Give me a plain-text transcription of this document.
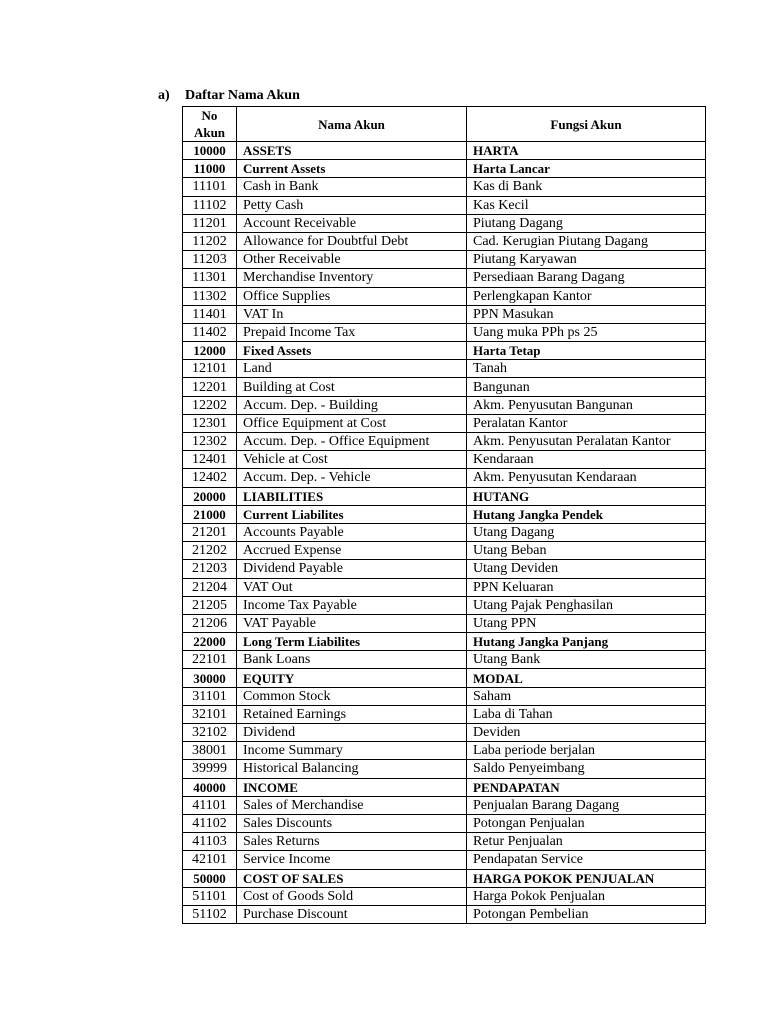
a) Daftar Nama Akun
No Akun	Nama Akun	Fungsi Akun
10000	ASSETS	HARTA
11000	Current Assets	Harta Lancar
11101	Cash in Bank	Kas di Bank
11102	Petty Cash	Kas Kecil
11201	Account Receivable	Piutang Dagang
11202	Allowance for Doubtful Debt	Cad. Kerugian Piutang Dagang
11203	Other Receivable	Piutang Karyawan
11301	Merchandise Inventory	Persediaan Barang Dagang
11302	Office Supplies	Perlengkapan Kantor
11401	VAT In	PPN Masukan
11402	Prepaid Income Tax	Uang muka PPh ps 25
12000	Fixed Assets	Harta Tetap
12101	Land	Tanah
12201	Building at Cost	Bangunan
12202	Accum. Dep. - Building	Akm. Penyusutan Bangunan
12301	Office Equipment at Cost	Peralatan Kantor
12302	Accum. Dep. - Office Equipment	Akm. Penyusutan Peralatan Kantor
12401	Vehicle at Cost	Kendaraan
12402	Accum. Dep. - Vehicle	Akm. Penyusutan Kendaraan
20000	LIABILITIES	HUTANG
21000	Current Liabilites	Hutang Jangka Pendek
21201	Accounts Payable	Utang Dagang
21202	Accrued Expense	Utang Beban
21203	Dividend Payable	Utang Deviden
21204	VAT Out	PPN Keluaran
21205	Income Tax Payable	Utang Pajak Penghasilan
21206	VAT Payable	Utang PPN
22000	Long Term Liabilites	Hutang Jangka Panjang
22101	Bank Loans	Utang Bank
30000	EQUITY	MODAL
31101	Common Stock	Saham
32101	Retained Earnings	Laba di Tahan
32102	Dividend	Deviden
38001	Income Summary	Laba periode berjalan
39999	Historical Balancing	Saldo Penyeimbang
40000	INCOME	PENDAPATAN
41101	Sales of Merchandise	Penjualan Barang Dagang
41102	Sales Discounts	Potongan Penjualan
41103	Sales Returns	Retur Penjualan
42101	Service Income	Pendapatan Service
50000	COST OF SALES	HARGA POKOK PENJUALAN
51101	Cost of Goods Sold	Harga Pokok Penjualan
51102	Purchase Discount	Potongan Pembelian
